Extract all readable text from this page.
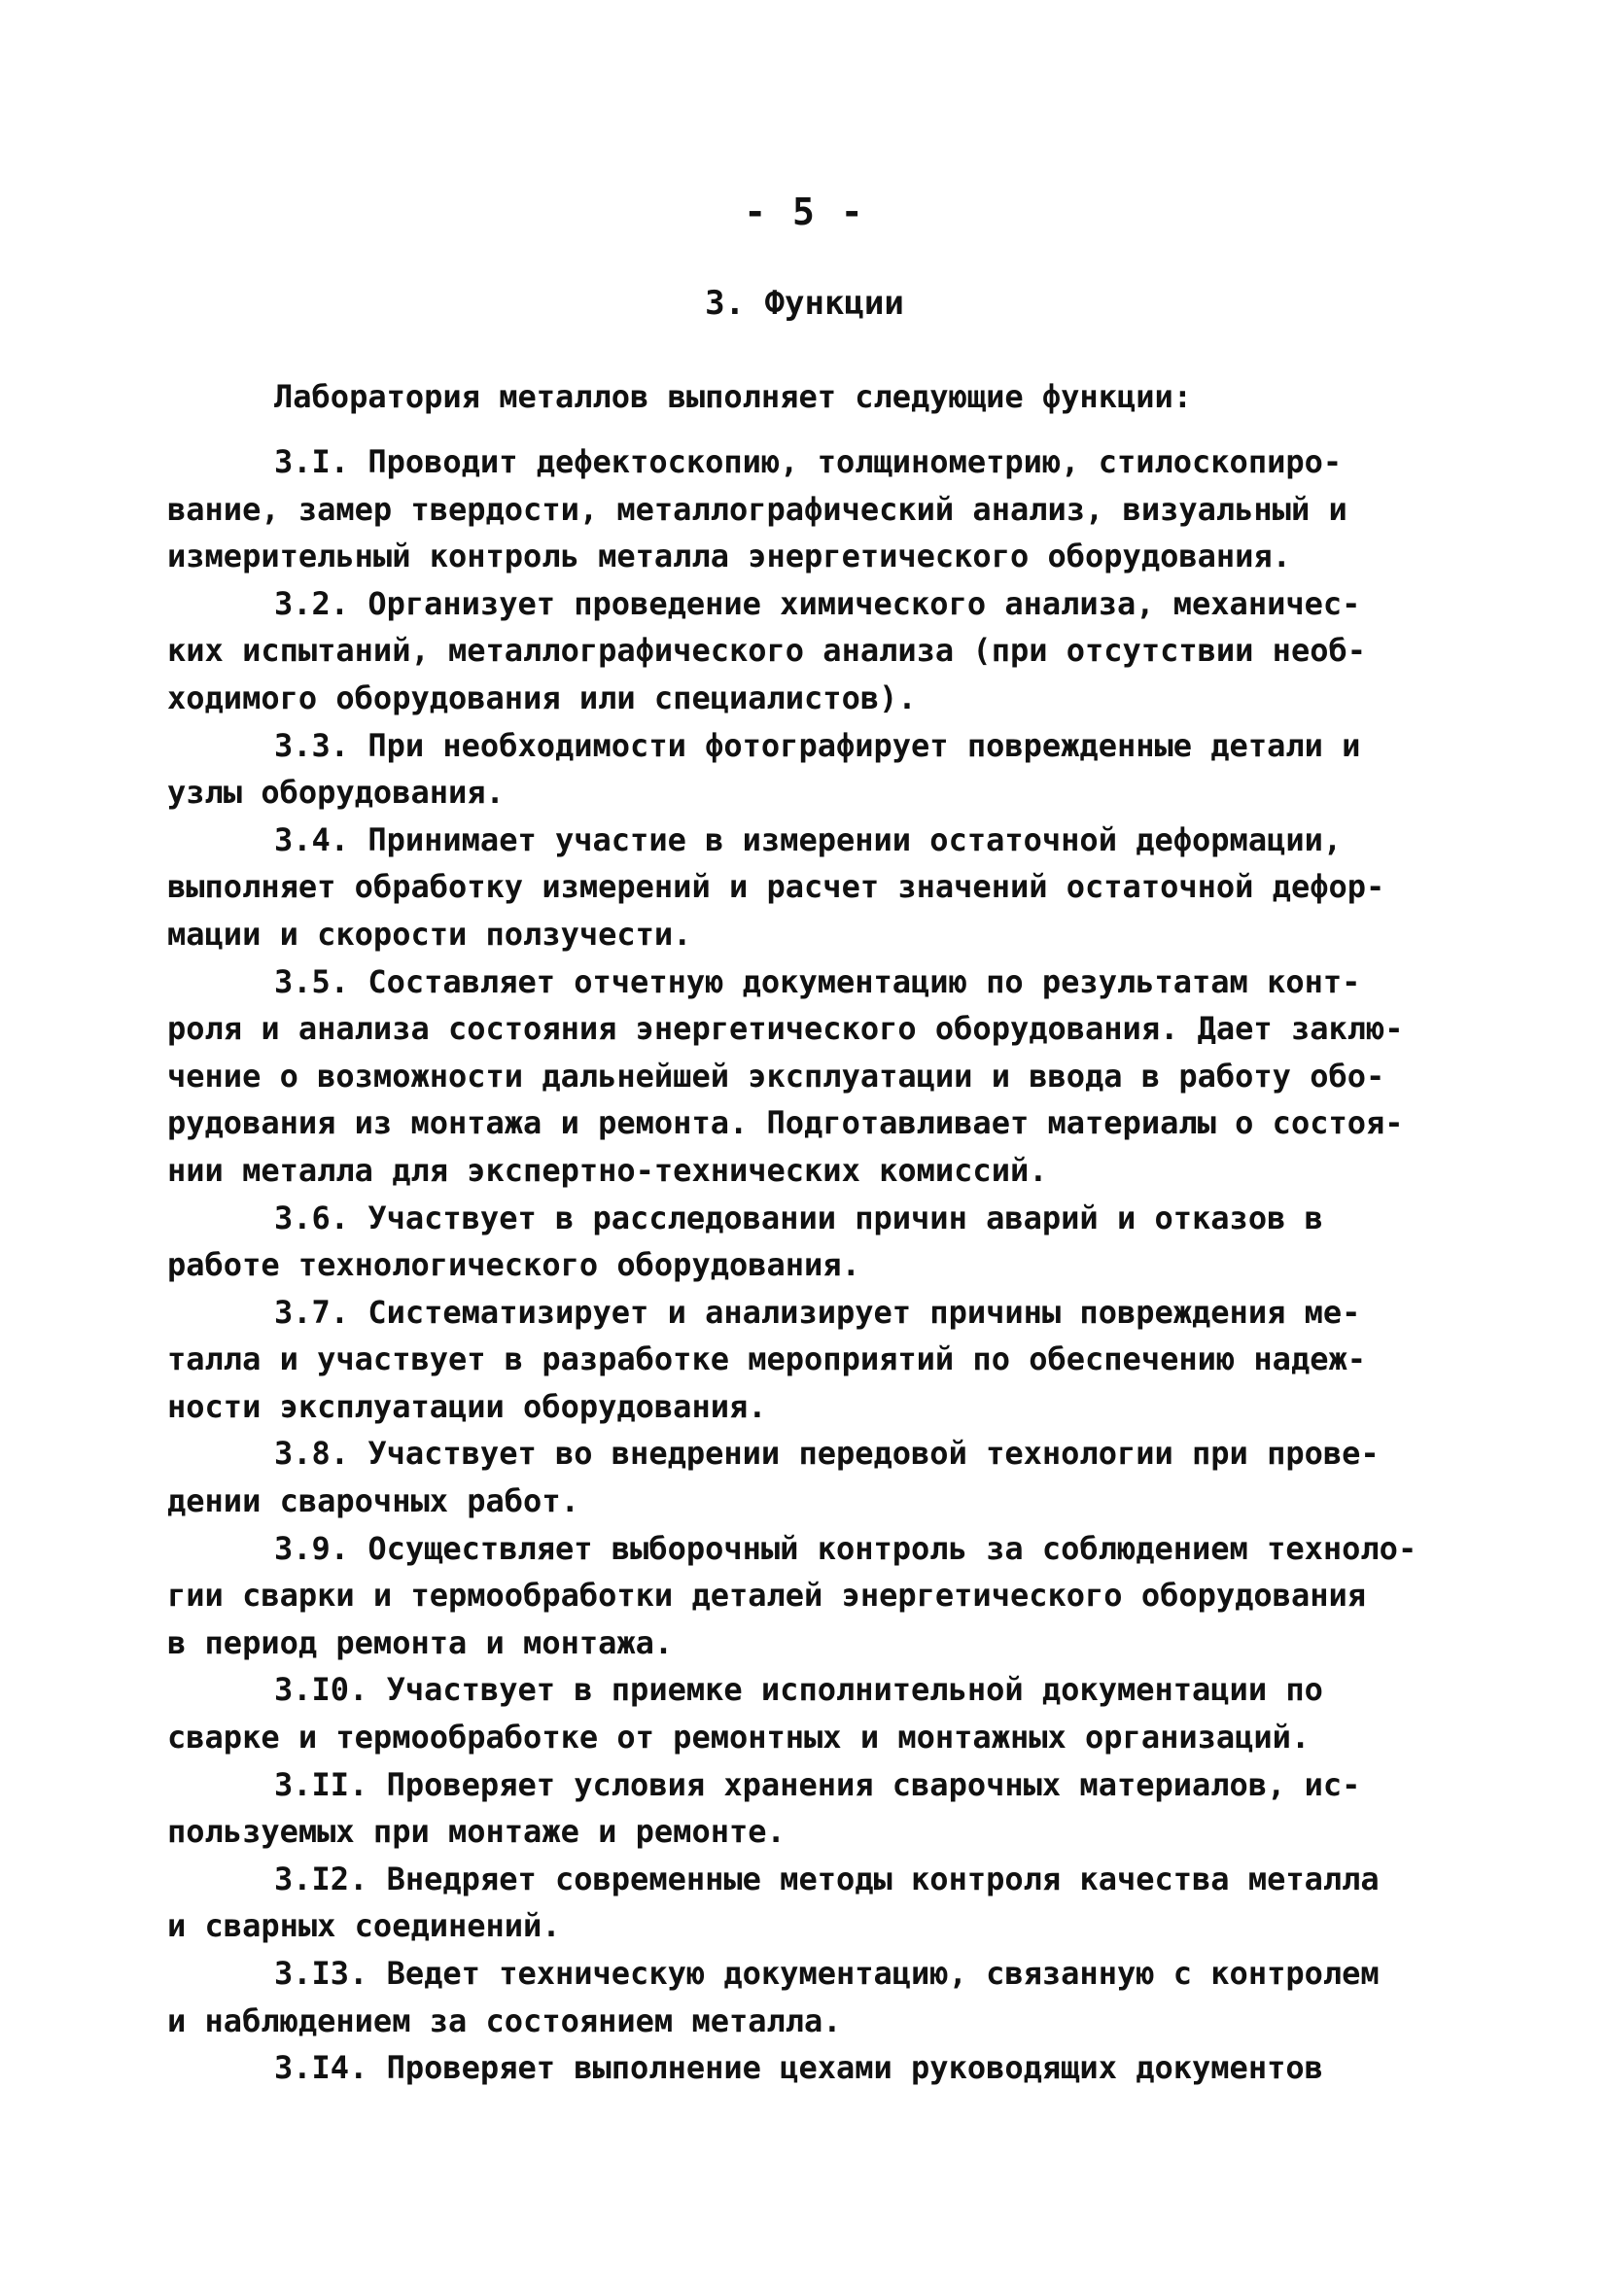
- 5 -
3. Функции
Лаборатория металлов выполняет следующие функции:
3.I. Проводит дефектоскопию, толщинометрию, стилоскопиро-
вание, замер твердости, металлографический анализ, визуальный и
измерительный контроль металла энергетического оборудования.
3.2. Организует проведение химического анализа, механичес-
ких испытаний, металлографического анализа (при отсутствии необ-
ходимого оборудования или специалистов).
3.3. При необходимости фотографирует поврежденные детали и
узлы оборудования.
3.4. Принимает участие в измерении остаточной деформации,
выполняет обработку измерений и расчет значений остаточной дефор-
мации и скорости ползучести.
3.5. Составляет отчетную документацию по результатам конт-
роля и анализа состояния энергетического оборудования. Дает заклю-
чение о возможности дальнейшей эксплуатации и ввода в работу обо-
рудования из монтажа и ремонта. Подготавливает материалы о состоя-
нии металла для экспертно-технических комиссий.
3.6. Участвует в расследовании причин аварий и отказов в
работе технологического оборудования.
3.7. Систематизирует и анализирует причины повреждения ме-
талла и участвует в разработке мероприятий по обеспечению надеж-
ности эксплуатации оборудования.
3.8. Участвует во внедрении передовой технологии при прове-
дении сварочных работ.
3.9. Осуществляет выборочный контроль за соблюдением техноло-
гии сварки и термообработки деталей энергетического оборудования
в период ремонта и монтажа.
3.I0. Участвует в приемке исполнительной документации по
сварке и термообработке от ремонтных и монтажных организаций.
3.II. Проверяет условия хранения сварочных материалов, ис-
пользуемых при монтаже и ремонте.
3.I2. Внедряет современные методы контроля качества металла
и сварных соединений.
3.I3. Ведет техническую документацию, связанную с контролем
и наблюдением за состоянием металла.
3.I4. Проверяет выполнение цехами руководящих документов
